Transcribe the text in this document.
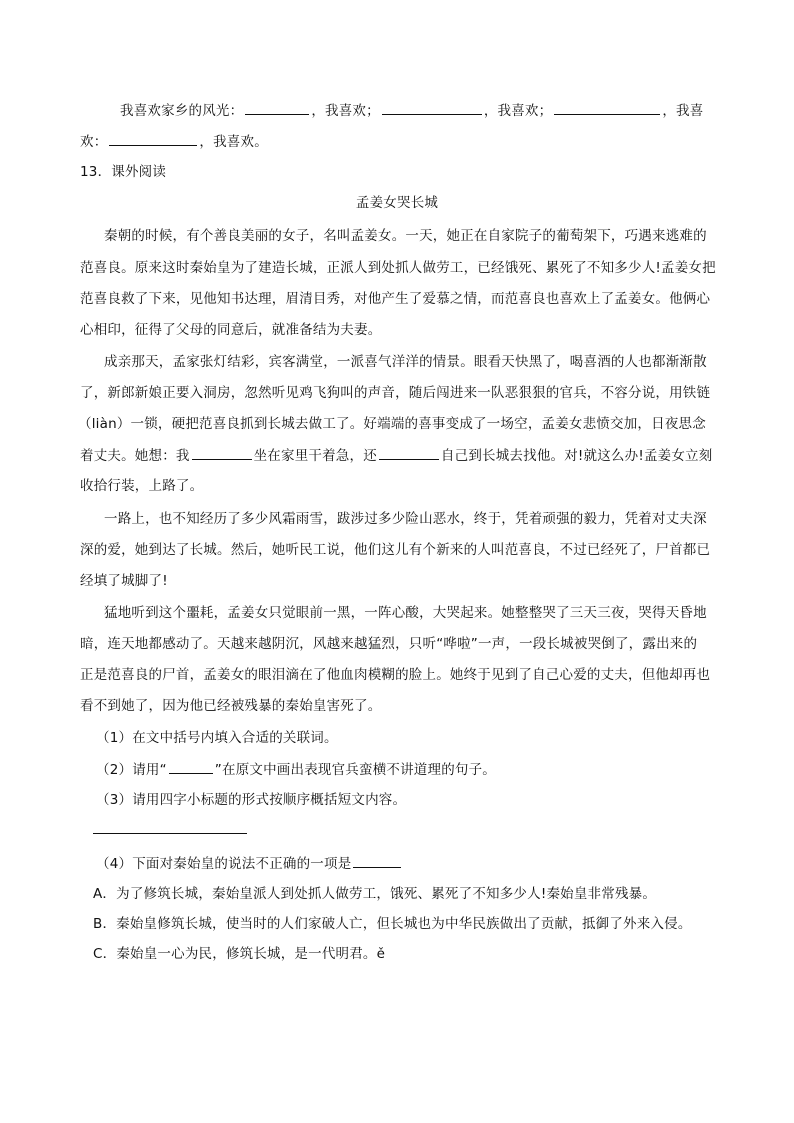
我喜欢家乡的风光：	，我喜欢；	，我喜欢；	，我喜
欢：	，我喜欢。
13．课外阅读
孟姜女哭长城
秦朝的时候，有个善良美丽的女子，名叫孟姜女。一天，她正在自家院子的葡萄架下，巧遇来逃难的
范喜良。原来这时秦始皇为了建造长城，正派人到处抓人做劳工，已经饿死、累死了不知多少人!孟姜女把
范喜良救了下来，见他知书达理，眉清目秀，对他产生了爱慕之情，而范喜良也喜欢上了孟姜女。他俩心
心相印，征得了父母的同意后，就准备结为夫妻。
成亲那天，孟家张灯结彩，宾客满堂，一派喜气洋洋的情景。眼看天快黑了，喝喜酒的人也都渐渐散
了，新郎新娘正要入洞房，忽然听见鸡飞狗叫的声音，随后闯进来一队恶狠狠的官兵，不容分说，用铁链
（liàn）一锁，硬把范喜良抓到长城去做工了。好端端的喜事变成了一场空，孟姜女悲愤交加，日夜思念
着丈夫。她想：我	坐在家里干着急，还	自己到长城去找他。对!就这么办!孟姜女立刻
收拾行装，上路了。
一路上，也不知经历了多少风霜雨雪，跋涉过多少险山恶水，终于，凭着顽强的毅力，凭着对丈夫深
深的爱，她到达了长城。然后，她听民工说，他们这儿有个新来的人叫范喜良，不过已经死了，尸首都已
经填了城脚了!
猛地听到这个噩耗，孟姜女只觉眼前一黑，一阵心酸，大哭起来。她整整哭了三天三夜，哭得天昏地
暗，连天地都感动了。天越来越阴沉，风越来越猛烈，只听“哗啦”一声，一段长城被哭倒了，露出来的
正是范喜良的尸首，孟姜女的眼泪滴在了他血肉模糊的脸上。她终于见到了自己心爱的丈夫，但他却再也
看不到她了，因为他已经被残暴的秦始皇害死了。
（1）在文中括号内填入合适的关联词。
（2）请用“	”在原文中画出表现官兵蛮横不讲道理的句子。
（3）请用四字小标题的形式按顺序概括短文内容。
（4）下面对秦始皇的说法不正确的一项是
A．为了修筑长城，秦始皇派人到处抓人做劳工，饿死、累死了不知多少人!秦始皇非常残暴。
B．秦始皇修筑长城，使当时的人们家破人亡，但长城也为中华民族做出了贡献，抵御了外来入侵。
C．秦始皇一心为民，修筑长城，是一代明君。ě
